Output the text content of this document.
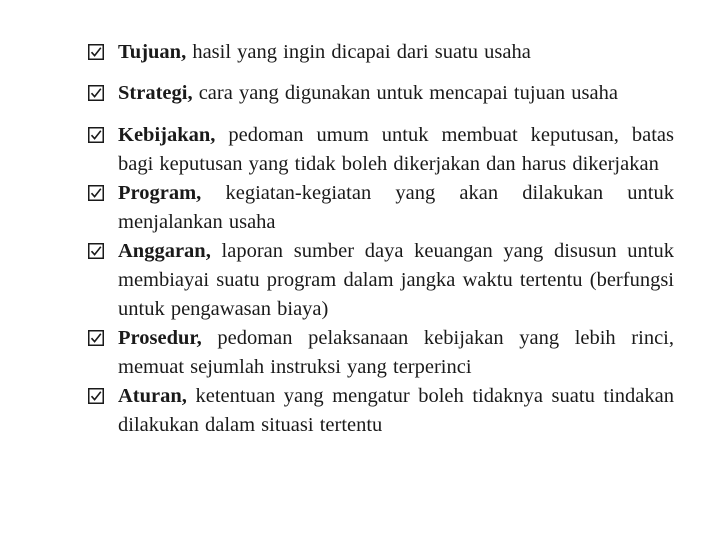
Tujuan, hasil yang ingin dicapai dari suatu usaha
Strategi, cara yang digunakan untuk mencapai tujuan usaha
Kebijakan, pedoman umum untuk membuat keputusan, batas bagi keputusan yang tidak boleh dikerjakan dan harus dikerjakan
Program, kegiatan-kegiatan yang akan dilakukan untuk menjalankan usaha
Anggaran, laporan sumber daya keuangan yang disusun untuk membiayai suatu program dalam jangka waktu tertentu (berfungsi untuk pengawasan biaya)
Prosedur, pedoman pelaksanaan kebijakan yang lebih rinci, memuat sejumlah instruksi yang terperinci
Aturan, ketentuan yang mengatur boleh tidaknya suatu tindakan dilakukan dalam situasi tertentu
